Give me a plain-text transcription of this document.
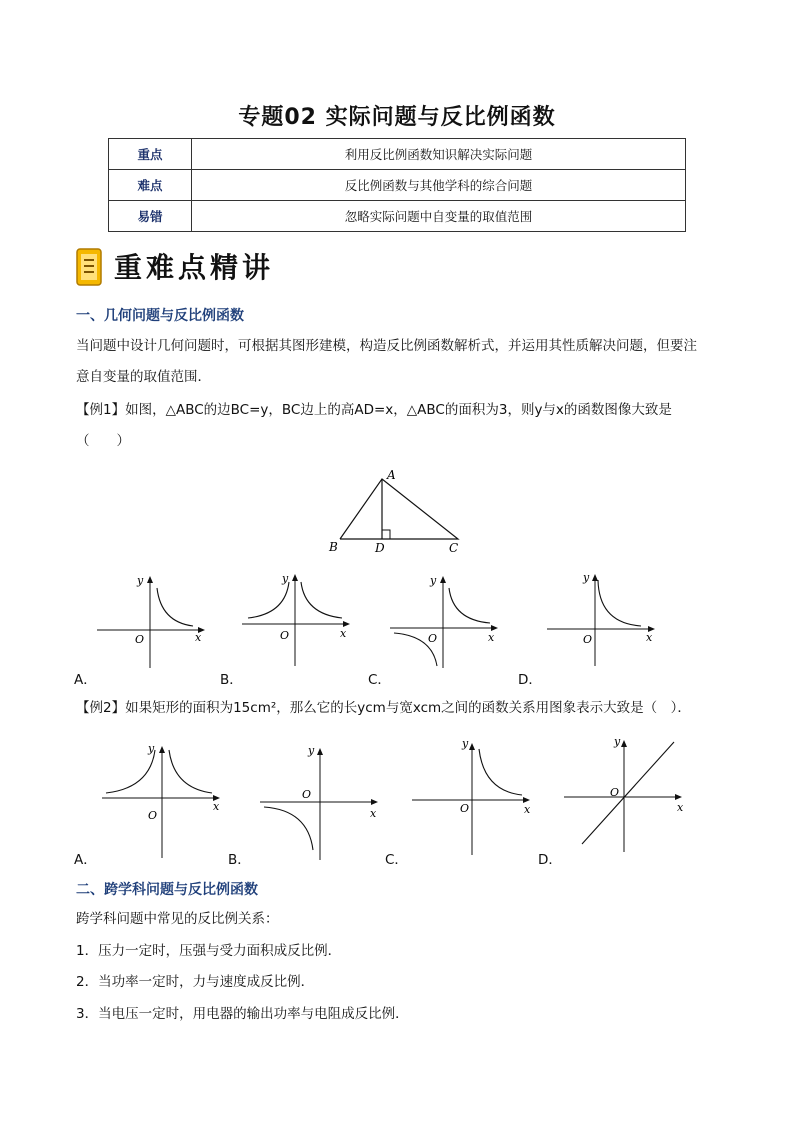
专题02 实际问题与反比例函数
重点	利用反比例函数知识解决实际问题
难点	反比例函数与其他学科的综合问题
易错	忽略实际问题中自变量的取值范围
重难点精讲
一、几何问题与反比例函数
当问题中设计几何问题时，可根据其图形建模，构造反比例函数解析式，并运用其性质解决问题，但要注
意自变量的取值范围．
【例1】如图，△ABC的边BC=y，BC边上的高AD=x，△ABC的面积为3，则y与x的函数图像大致是
（　　）
A
B	D	C
y
x
O
y
x
O
y
x
O
y
x
O
A．	B．	C．	D．
【例2】如果矩形的面积为15cm²，那么它的长ycm与宽xcm之间的函数关系用图象表示大致是（　）．
y
x
O
y
x
O
y
x
O
y
x
O
A．	B．	C．	D．
二、跨学科问题与反比例函数
跨学科问题中常见的反比例关系：
1．压力一定时，压强与受力面积成反比例．
2．当功率一定时，力与速度成反比例．
3．当电压一定时，用电器的输出功率与电阻成反比例．
